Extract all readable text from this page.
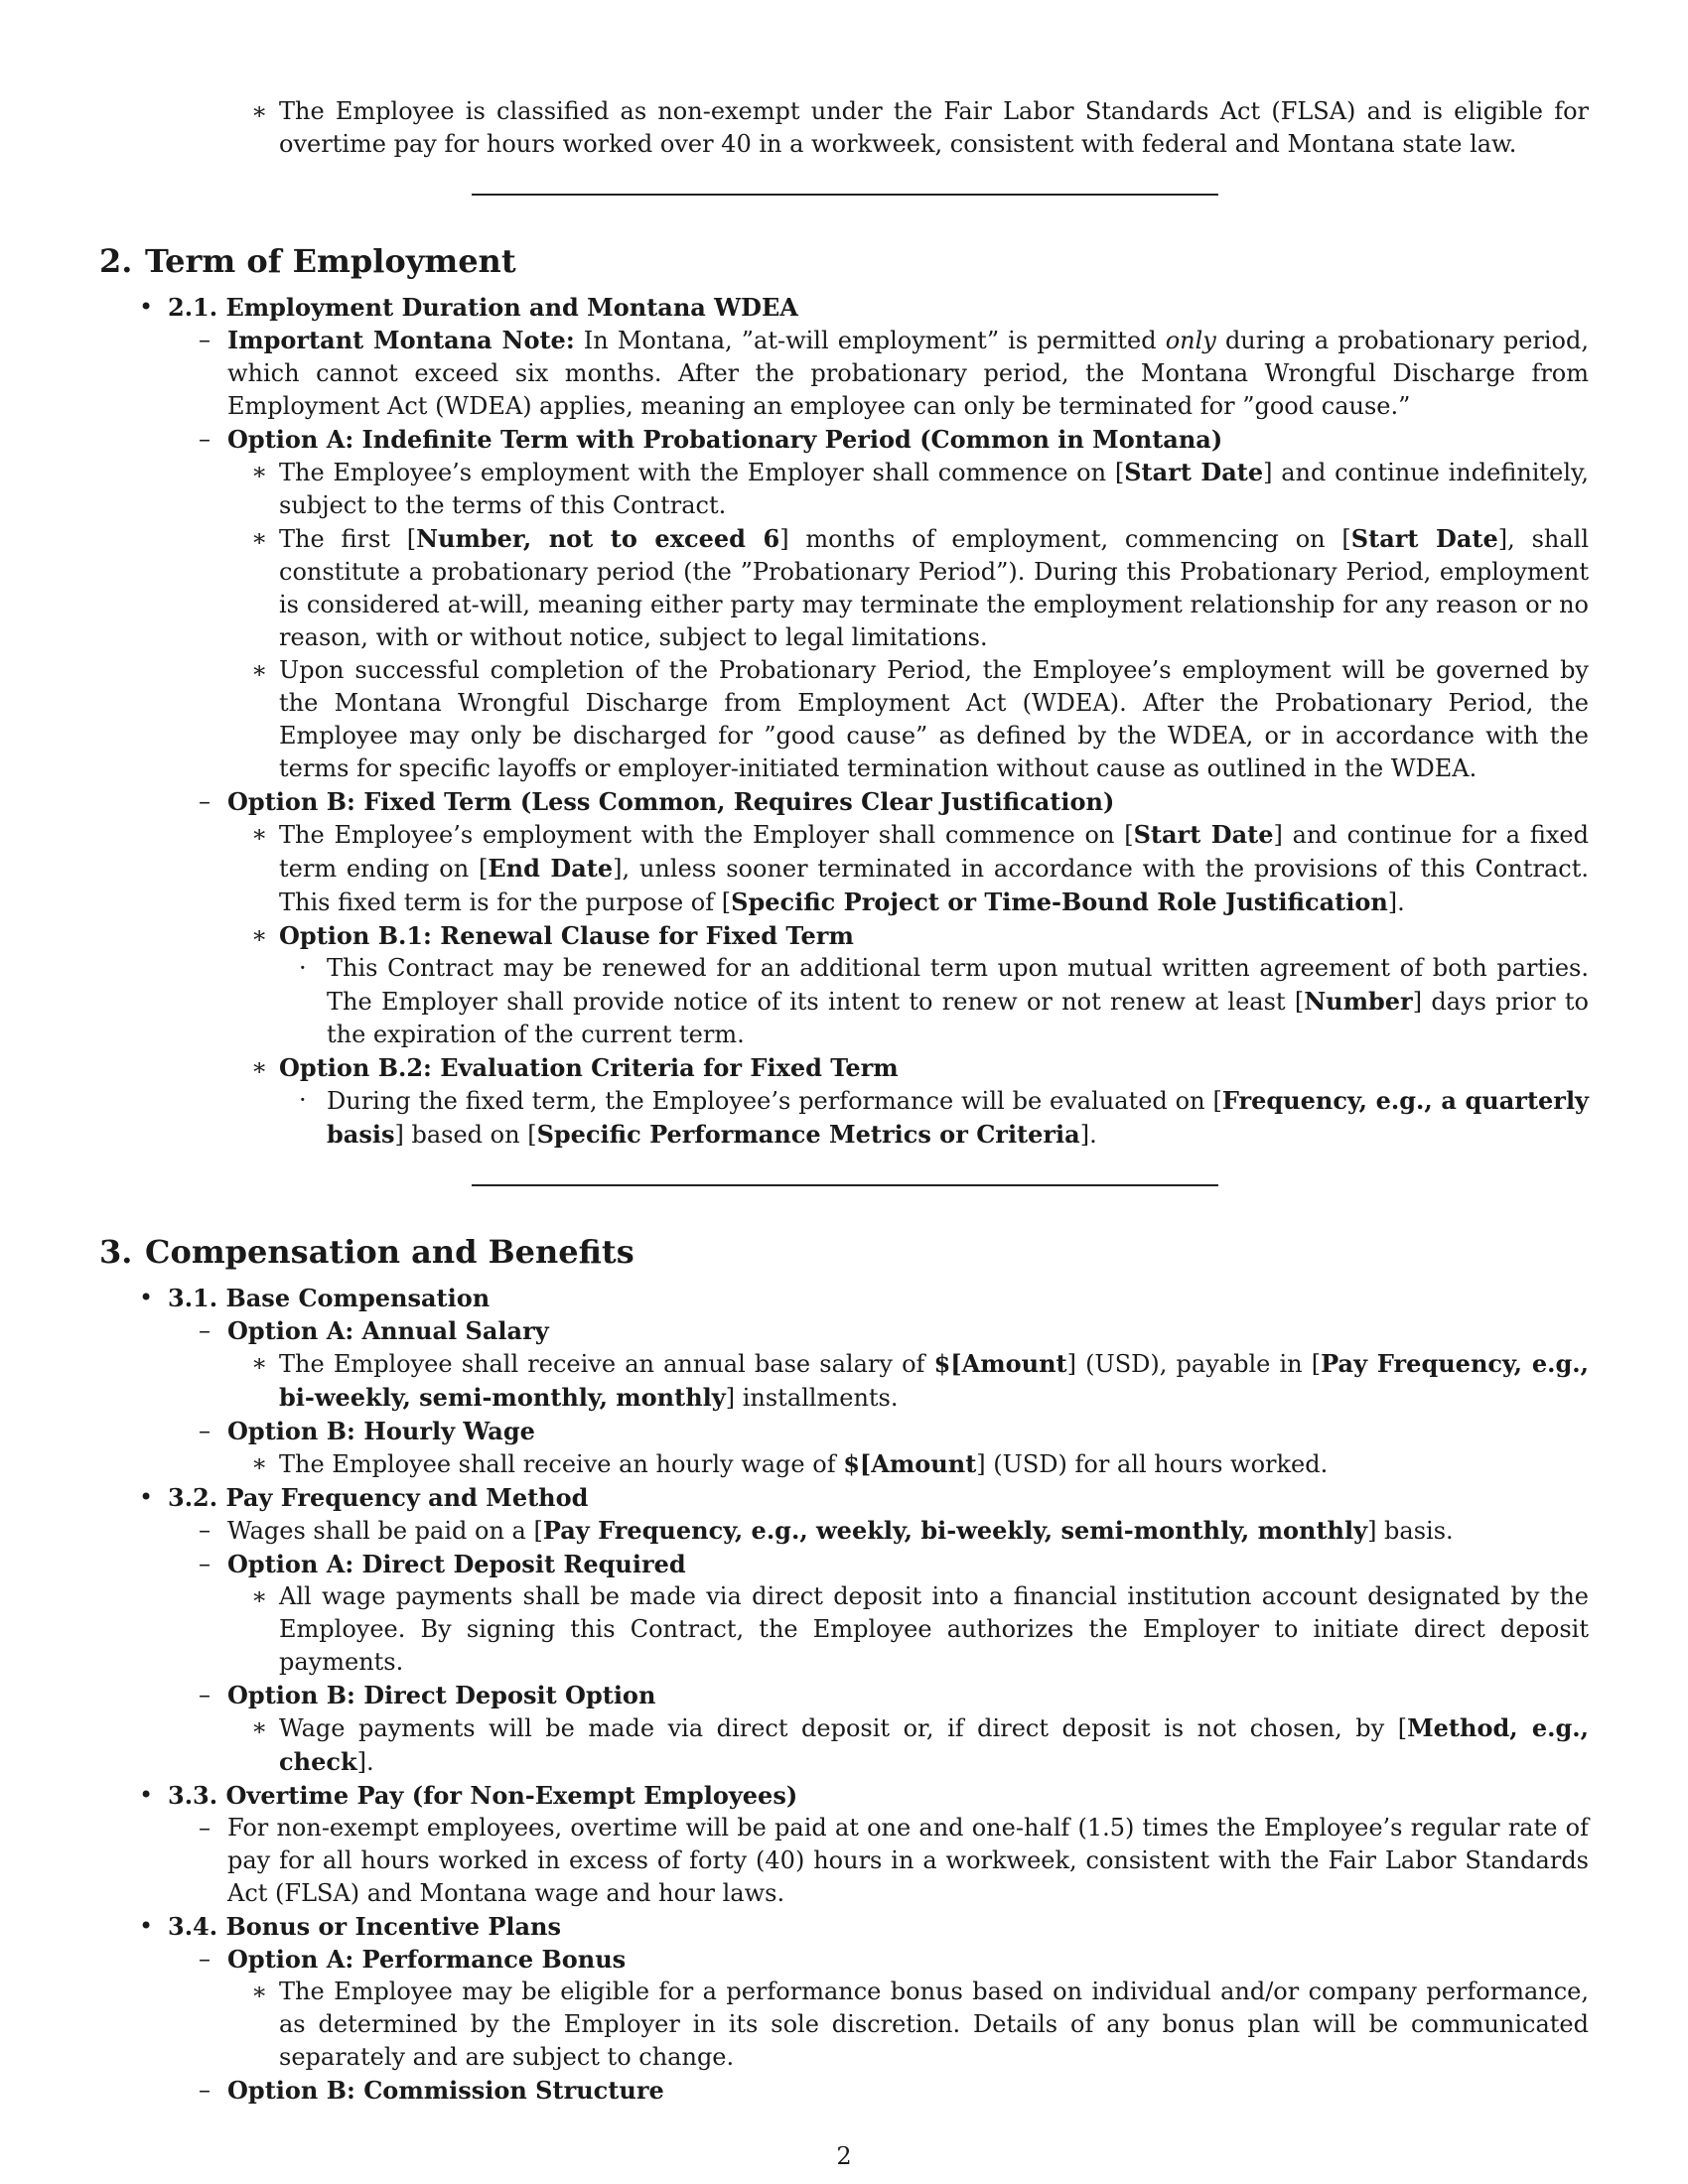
∗ The Employee is classified as non-exempt under the Fair Labor Standards Act (FLSA) and is eligible for overtime pay for hours worked over 40 in a workweek, consistent with federal and Montana state law.

2. Term of Employment
• 2.1. Employment Duration and Montana WDEA

– Important Montana Note: In Montana, ”at-will employment” is permitted only during a probationary period, which cannot exceed six months. After the probationary period, the Montana Wrongful Discharge from Employment Act (WDEA) applies, meaning an employee can only be terminated for ”good cause.”

– Option A: Indefinite Term with Probationary Period (Common in Montana)

∗ The Employee’s employment with the Employer shall commence on [Start Date] and continue indefinitely, subject to the terms of this Contract.

∗ The first [Number, not to exceed 6] months of employment, commencing on [Start Date], shall constitute a probationary period (the ”Probationary Period”). During this Probationary Period, employment is considered at-will, meaning either party may terminate the employment relationship for any reason or no reason, with or without notice, subject to legal limitations.

∗ Upon successful completion of the Probationary Period, the Employee’s employment will be governed by the Montana Wrongful Discharge from Employment Act (WDEA). After the Probationary Period, the Employee may only be discharged for ”good cause” as defined by the WDEA, or in accordance with the terms for specific layoffs or employer-initiated termination without cause as outlined in the WDEA.

– Option B: Fixed Term (Less Common, Requires Clear Justification)

∗ The Employee’s employment with the Employer shall commence on [Start Date] and continue for a fixed term ending on [End Date], unless sooner terminated in accordance with the provisions of this Contract. This fixed term is for the purpose of [Specific Project or Time-Bound Role Justification].

∗ Option B.1: Renewal Clause for Fixed Term

· This Contract may be renewed for an additional term upon mutual written agreement of both parties. The Employer shall provide notice of its intent to renew or not renew at least [Number] days prior to the expiration of the current term.

∗ Option B.2: Evaluation Criteria for Fixed Term

· During the fixed term, the Employee’s performance will be evaluated on [Frequency, e.g., a quarterly basis] based on [Specific Performance Metrics or Criteria].

3. Compensation and Benefits
• 3.1. Base Compensation

– Option A: Annual Salary

∗ The Employee shall receive an annual base salary of $[Amount] (USD), payable in [Pay Frequency, e.g., bi-weekly, semi-monthly, monthly] installments.

– Option B: Hourly Wage

∗ The Employee shall receive an hourly wage of $[Amount] (USD) for all hours worked.

• 3.2. Pay Frequency and Method

– Wages shall be paid on a [Pay Frequency, e.g., weekly, bi-weekly, semi-monthly, monthly] basis.

– Option A: Direct Deposit Required

∗ All wage payments shall be made via direct deposit into a financial institution account designated by the Employee. By signing this Contract, the Employee authorizes the Employer to initiate direct deposit payments.

– Option B: Direct Deposit Option

∗ Wage payments will be made via direct deposit or, if direct deposit is not chosen, by [Method, e.g., check].

• 3.3. Overtime Pay (for Non-Exempt Employees)

– For non-exempt employees, overtime will be paid at one and one-half (1.5) times the Employee’s regular rate of pay for all hours worked in excess of forty (40) hours in a workweek, consistent with the Fair Labor Standards Act (FLSA) and Montana wage and hour laws.

• 3.4. Bonus or Incentive Plans

– Option A: Performance Bonus

∗ The Employee may be eligible for a performance bonus based on individual and/or company performance, as determined by the Employer in its sole discretion. Details of any bonus plan will be communicated separately and are subject to change.

– Option B: Commission Structure

2
